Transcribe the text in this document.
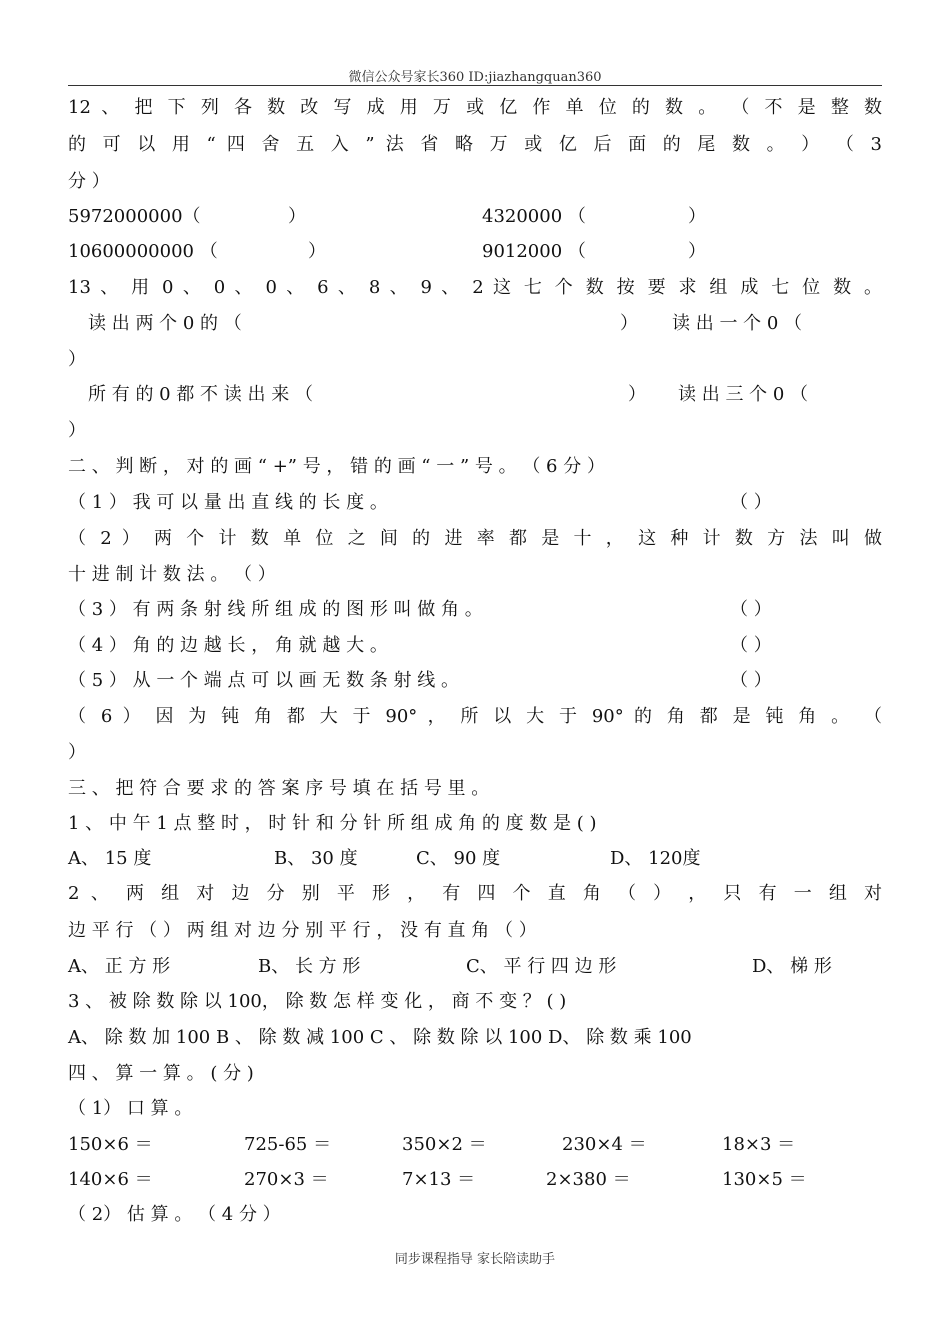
微信公众号家长360 ID:jiazhangquan360
12 、 把 下 列 各 数 改 写 成 用 万 或 亿 作 单 位 的 数 。 （ 不 是 整 数
的 可 以 用 “ 四 舍 五 入 ” 法 省 略 万 或 亿 后 面 的 尾 数 。 ） （ 3
分 ）
5972000000（	）	4320000 （	）
10600000000 （	）	9012000 （	）
13 、 用 0 、 0 、 0 、 6 、 8 、 9 、 2 这 七 个 数 按 要 求 组 成 七 位 数 。
读 出 两 个 0 的 （	） 读 出 一 个 0 （
）
所 有 的 0 都 不 读 出 来 （	） 读 出 三 个 0 （
）
二 、 判 断 ， 对 的 画 “ +” 号 ， 错 的 画 “ 一 ” 号 。 （ 6 分 ）
（ 1 ） 我 可 以 量 出 直 线 的 长 度 。	（ ）
（ 2 ） 两 个 计 数 单 位 之 间 的 进 率 都 是 十 ， 这 种 计 数 方 法 叫 做
十 进 制 计 数 法 。 （ ）
（ 3 ） 有 两 条 射 线 所 组 成 的 图 形 叫 做 角 。	（ ）
（ 4 ） 角 的 边 越 长 ， 角 就 越 大 。	（ ）
（ 5 ） 从 一 个 端 点 可 以 画 无 数 条 射 线 。	（ ）
（ 6 ） 因 为 钝 角 都 大 于 90° ， 所 以 大 于 90° 的 角 都 是 钝 角 。 （
）
三 、 把 符 合 要 求 的 答 案 序 号 填 在 括 号 里 。
1 、 中 午 1 点 整 时 ， 时 针 和 分 针 所 组 成 角 的 度 数 是 ( )
A、 15 度	B、 30 度	C、 90 度	D、 120度
2 、 两 组 对 边 分 别 平 形 ， 有 四 个 直 角 （ ） ， 只 有 一 组 对
边 平 行 （ ） 两 组 对 边 分 别 平 行 ， 没 有 直 角 （ ）
A、 正 方 形	B、 长 方 形	C、 平 行 四 边 形	D、 梯 形
3 、 被 除 数 除 以 100， 除 数 怎 样 变 化 ， 商 不 变 ？ ( )
A、 除 数 加 100 B 、 除 数 减 100 C 、 除 数 除 以 100 D、 除 数 乘 100
四 、 算 一 算 。 ( 分 )
（ 1） 口 算 。
150×6 ＝	725-65 ＝	350×2 ＝	230×4 ＝	18×3 ＝
140×6 ＝	270×3 ＝	7×13 ＝	2×380 ＝	130×5 ＝
（ 2） 估 算 。 （ 4 分 ）
同步课程指导 家长陪读助手
